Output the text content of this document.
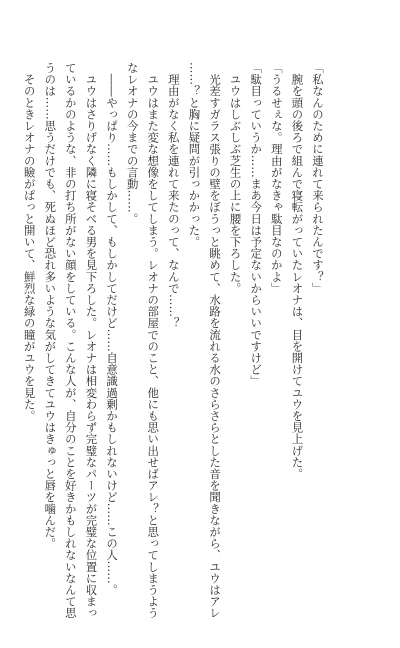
「私なんのために連れて来られたんです？」
　腕を頭の後ろで組んで寝転がっていたレオナは、目を開けてユウを見上げた。
「うるせぇな。理由がなきゃ駄目なのかよ」
「駄目っていうか……まあ今日は予定ないからいいですけど」
　ユウはしぶしぶ芝生の上に腰を下ろした。
　光差すガラス張りの壁をぼうっと眺めて、水路を流れる水のさらさらとした音を聞きながら、ユウはアレ
……？と胸に疑問が引っかかった。
　理由がなく私を連れて来たのって、なんで……？
　ユウはまた変な想像をしてしまう。レオナの部屋でのこと、他にも思い出せばアレ？と思ってしまうよう
なレオナの今までの言動……。
　――やっぱり……もしかして、もしかしてだけど……自意識過剰かもしれないけど……この人……。
　ユウはさりげなく隣に寝そべる男を見下ろした。レオナは相変わらず完璧なパーツが完璧な位置に収まっ
ているかのような、非の打ち所がない顔をしている。こんな人が、自分のことを好きかもしれないなんて思
うのは……思うだけでも、死ぬほど恐れ多いような気がしてきてユウはきゅっと唇を噛んだ。
　そのときレオナの瞼がぱっと開いて、鮮烈な緑の瞳がユウを見た。
